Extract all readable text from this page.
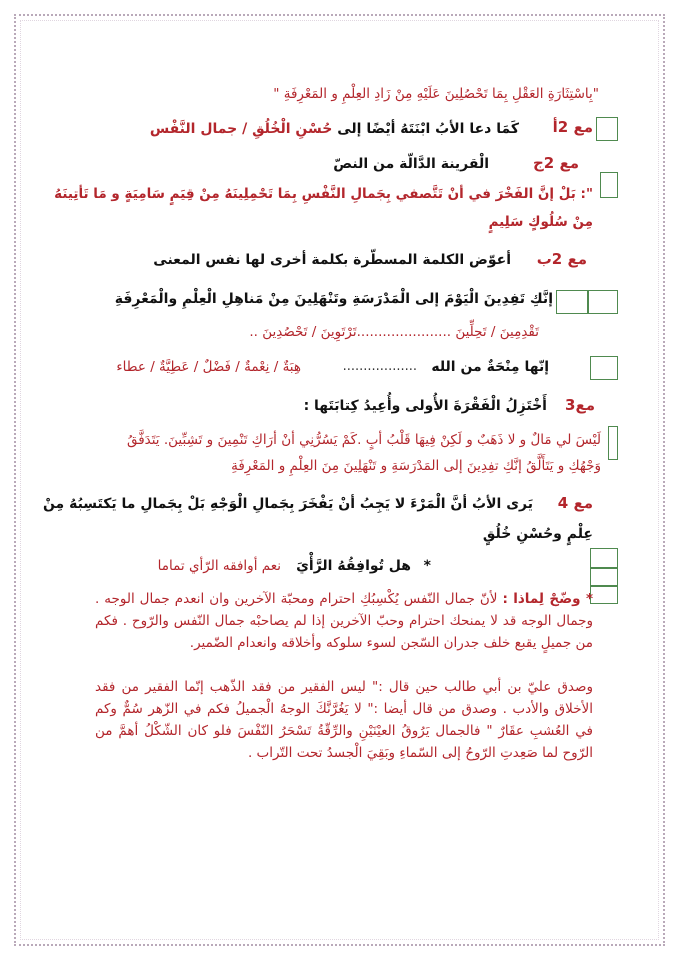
"بِاسْتِثَارَةِ العَقْلِ بِمَا تَحْصُلِينَ عَلَيْهِ مِنْ زَادِ العِلْمِ و المَعْرِفَةِ "
مع 2أ
كَمَا دعا الأبُ ابْنَتَهُ أيْضًا إلى حُسْنِ الْخُلُقِ / جمال النَّفْس
مع 2ج
الْقرينة الدَّالّة من النصّ
": بَلْ إنَّ الفَخْرَ في أنْ تَتَّصفي بِجَمالِ النَّفْسِ بِمَا تَحْمِلِينَهُ مِنْ قِيَمٍ سَامِيَةٍ و مَا تَأتِينَهُ
مِنْ سُلُوكٍ سَلِيمٍ
مع 2ب
أعوّض الكلمة المسطّرة بكلمة أخرى لها نفس المعنى
إنَّكِ تَفِدِينَ الْيَوْمَ إلى الْمَدْرَسَةِ وتَنْهَلِينَ مِنْ مَناهِلِ الْعِلْمِ والْمَعْرِفَةِ
تَقْدِمِينَ / تَحِلِّينَ ......................تَرْتَوِينَ / تَحْصُدِينَ ..
إنّها مِنْحَةٌ من الله
..................
هِبَةٌ / نِعْمةٌ / فَضْلٌ / عَطِيَّةٌ / عطاء
مع3
أَخْتَزِلُ الْفَقْرَةَ الأُولى وأُعِيدُ كِتابَتَها :
لَيْسَ لي مَالٌ و لا ذَهَبٌ و لَكِنْ فِيهَا قَلْبُ أبٍ .كَمْ يَسُرُّنِي أنْ أرَاكِ تَنْمِينَ و تَشِبِّينَ. يَتَدَفَّقُ
وَجْهُكِ و يَتَأَلَّقُ إنَّكِ تفِدِينَ إلى المَدْرَسَةِ و تَنْهَلِينَ مِنَ العِلْمِ و المَعْرِفَةِ
مع 4
يَرى الأبُ أنَّ الْمَرْءَ لا يَجِبُ أنْ يَفْخَرَ بِجَمالِ الْوَجْهِ بَلْ بِجَمالِ ما يَكتَسِبُهُ مِنْ
عِلْمٍ وحُسْنِ خُلُقٍ
*
هل تُوافِقُهُ الرَّأْيَ
نعم أوافقه الرّأي تماما
* وضّحْ لِماذا : لأنّ جمال النّفس يُكْسِبُكِ احترام ومحبّة الآخرين وان انعدم جمال الوجه . وجمال الوجه قد لا يمنحك احترام وحبّ الآخرين إذا لم يصاحبْه جمال النّفس والرّوح . فكم من جميلٍ يقبع خلف جدران السّجن لسوء سلوكه وأخلاقه وانعدام الضّمير.
وصدق عليّ بن أبي طالب حين قال :" ليس الفقير من فقد الذّهب إنّما الفقير من فقد الأخلاق والأدب . وصدق من قال أيضا :" لا يَغُرَّنَّكَ الوجهُ الْجميلُ فكم في الزّهر سُمٌّ وكم في العُشبِ عقَارٌ " فالجمال يَرُوقُ العيْنَيْنِ والرِّقّةُ تَسْحَرُ النّفْسَ فلو كان الشّكْلُ أهمَّ من الرّوح لما صَعِدتِ الرّوحُ إلى السّماءِ وبَقِيَ الْجسدُ تحت التّراب .
